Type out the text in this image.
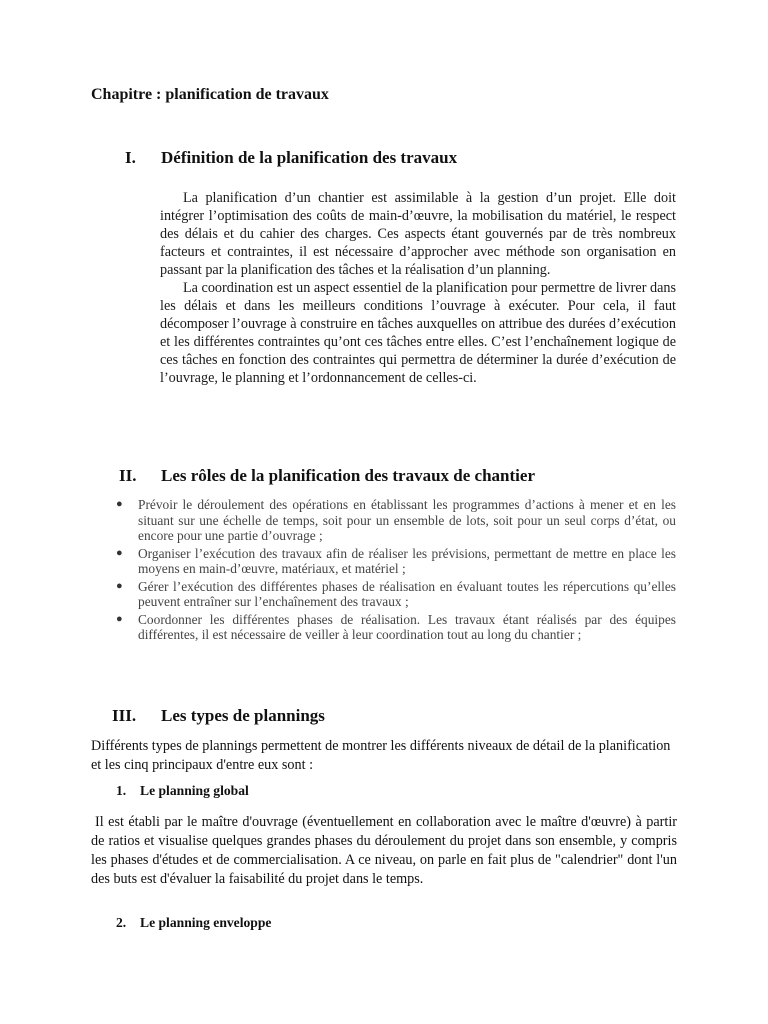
Chapitre : planification de travaux
I. Définition de la planification des travaux
La planification d’un chantier est assimilable à la gestion d’un projet. Elle doit intégrer l’optimisation des coûts de main-d’œuvre, la mobilisation du matériel, le respect des délais et du cahier des charges. Ces aspects étant gouvernés par de très nombreux facteurs et contraintes, il est nécessaire d’approcher avec méthode son organisation en passant par la planification des tâches et la réalisation d’un planning.
La coordination est un aspect essentiel de la planification pour permettre de livrer dans les délais et dans les meilleurs conditions l’ouvrage à exécuter. Pour cela, il faut décomposer l’ouvrage à construire en tâches auxquelles on attribue des durées d’exécution et les différentes contraintes qu’ont ces tâches entre elles. C’est l’enchaînement logique de ces tâches en fonction des contraintes qui permettra de déterminer la durée d’exécution de l’ouvrage, le planning et l’ordonnancement de celles-ci.
II. Les rôles de la planification des travaux de chantier
● Prévoir le déroulement des opérations en établissant les programmes d’actions à mener et en les situant sur une échelle de temps, soit pour un ensemble de lots, soit pour un seul corps d’état, ou encore pour une partie d’ouvrage ;
● Organiser l’exécution des travaux afin de réaliser les prévisions, permettant de mettre en place les moyens en main-d’œuvre, matériaux, et matériel ;
● Gérer l’exécution des différentes phases de réalisation en évaluant toutes les répercutions qu’elles peuvent entraîner sur l’enchaînement des travaux ;
● Coordonner les différentes phases de réalisation. Les travaux étant réalisés par des équipes différentes, il est nécessaire de veiller à leur coordination tout au long du chantier ;
III. Les types de plannings
Différents types de plannings permettent de montrer les différents niveaux de détail de la planification et les cinq principaux d'entre eux sont :
1. Le planning global
Il est établi par le maître d'ouvrage (éventuellement en collaboration avec le maître d'œuvre) à partir de ratios et visualise quelques grandes phases du déroulement du projet dans son ensemble, y compris les phases d'études et de commercialisation. A ce niveau, on parle en fait plus de "calendrier" dont l'un des buts est d'évaluer la faisabilité du projet dans le temps.
2. Le planning enveloppe
